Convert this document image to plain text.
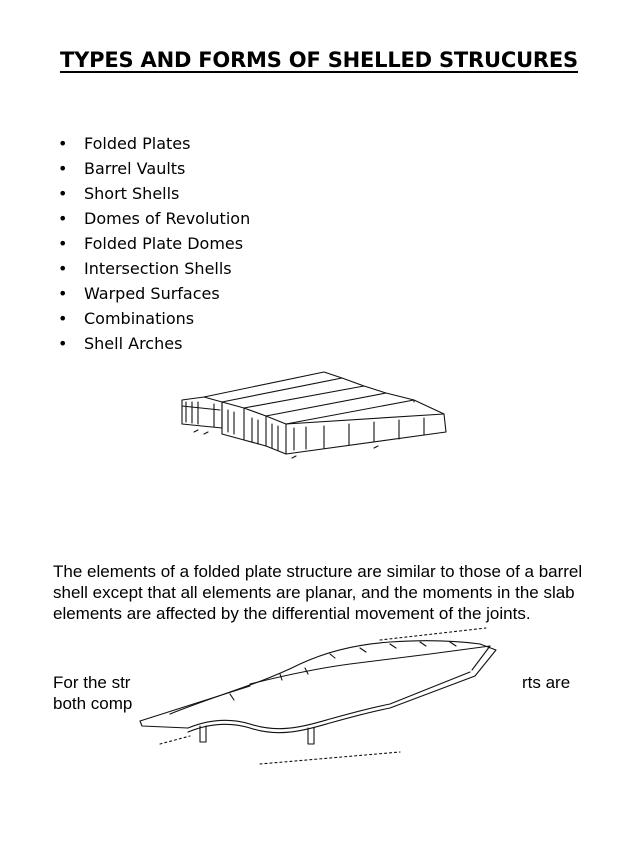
TYPES AND FORMS OF SHELLED STRUCURES
• Folded Plates
• Barrel Vaults
• Short Shells
• Domes of Revolution
• Folded Plate Domes
• Intersection Shells
• Warped Surfaces
• Combinations
• Shell Arches

The elements of a folded plate structure are similar to those of a barrel shell except that all elements are planar, and the moments in the slab elements are affected by the differential movement of the joints.

For the str	rts are

both comp
